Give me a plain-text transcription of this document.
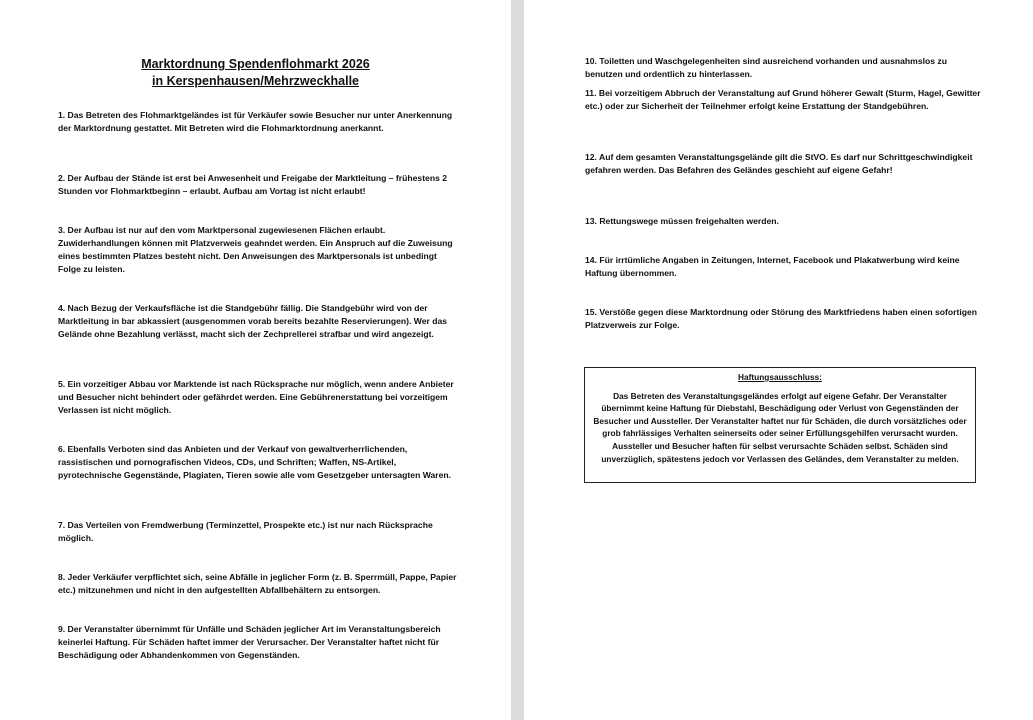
Marktordnung Spendenflohmarkt 2026
in Kerspenhausen/Mehrzweckhalle

1. Das Betreten des Flohmarktgeländes ist für Verkäufer sowie Besucher nur unter Anerkennung der Marktordnung gestattet. Mit Betreten wird die Flohmarktordnung anerkannt.

2. Der Aufbau der Stände ist erst bei Anwesenheit und Freigabe der Marktleitung – frühestens 2 Stunden vor Flohmarktbeginn – erlaubt. Aufbau am Vortag ist nicht erlaubt!

3. Der Aufbau ist nur auf den vom Marktpersonal zugewiesenen Flächen erlaubt. Zuwiderhandlungen können mit Platzverweis geahndet werden. Ein Anspruch auf die Zuweisung eines bestimmten Platzes besteht nicht. Den Anweisungen des Marktpersonals ist unbedingt Folge zu leisten.

4. Nach Bezug der Verkaufsfläche ist die Standgebühr fällig. Die Standgebühr wird von der Marktleitung in bar abkassiert (ausgenommen vorab bereits bezahlte Reservierungen). Wer das Gelände ohne Bezahlung verlässt, macht sich der Zechprellerei strafbar und wird angezeigt.

5. Ein vorzeitiger Abbau vor Marktende ist nach Rücksprache nur möglich, wenn andere Anbieter und Besucher nicht behindert oder gefährdet werden. Eine Gebührenerstattung bei vorzeitigem Verlassen ist nicht möglich.

6. Ebenfalls Verboten sind das Anbieten und der Verkauf von gewaltverherrlichenden, rassistischen und pornografischen Videos, CDs, und Schriften; Waffen, NS-Artikel, pyrotechnische Gegenstände, Plagiaten, Tieren sowie alle vom Gesetzgeber untersagten Waren.

7. Das Verteilen von Fremdwerbung (Terminzettel, Prospekte etc.) ist nur nach Rücksprache möglich.

8. Jeder Verkäufer verpflichtet sich, seine Abfälle in jeglicher Form (z. B. Sperrmüll, Pappe, Papier etc.) mitzunehmen und nicht in den aufgestellten Abfallbehältern zu entsorgen.

9. Der Veranstalter übernimmt für Unfälle und Schäden jeglicher Art im Veranstaltungsbereich keinerlei Haftung. Für Schäden haftet immer der Verursacher. Der Veranstalter haftet nicht für Beschädigung oder Abhandenkommen von Gegenständen.

10. Toiletten und Waschgelegenheiten sind ausreichend vorhanden und ausnahmslos zu benutzen und ordentlich zu hinterlassen.

11. Bei vorzeitigem Abbruch der Veranstaltung auf Grund höherer Gewalt (Sturm, Hagel, Gewitter etc.) oder zur Sicherheit der Teilnehmer erfolgt keine Erstattung der Standgebühren.

12. Auf dem gesamten Veranstaltungsgelände gilt die StVO. Es darf nur Schrittgeschwindigkeit gefahren werden. Das Befahren des Geländes geschieht auf eigene Gefahr!

13. Rettungswege müssen freigehalten werden.

14. Für irrtümliche Angaben in Zeitungen, Internet, Facebook und Plakatwerbung wird keine Haftung übernommen.

15. Verstöße gegen diese Marktordnung oder Störung des Marktfriedens haben einen sofortigen Platzverweis zur Folge.

Haftungsausschluss:
Das Betreten des Veranstaltungsgeländes erfolgt auf eigene Gefahr. Der Veranstalter übernimmt keine Haftung für Diebstahl, Beschädigung oder Verlust von Gegenständen der Besucher und Aussteller. Der Veranstalter haftet nur für Schäden, die durch vorsätzliches oder grob fahrlässiges Verhalten seinerseits oder seiner Erfüllungsgehilfen verursacht wurden. Aussteller und Besucher haften für selbst verursachte Schäden selbst. Schäden sind unverzüglich, spätestens jedoch vor Verlassen des Geländes, dem Veranstalter zu melden.
